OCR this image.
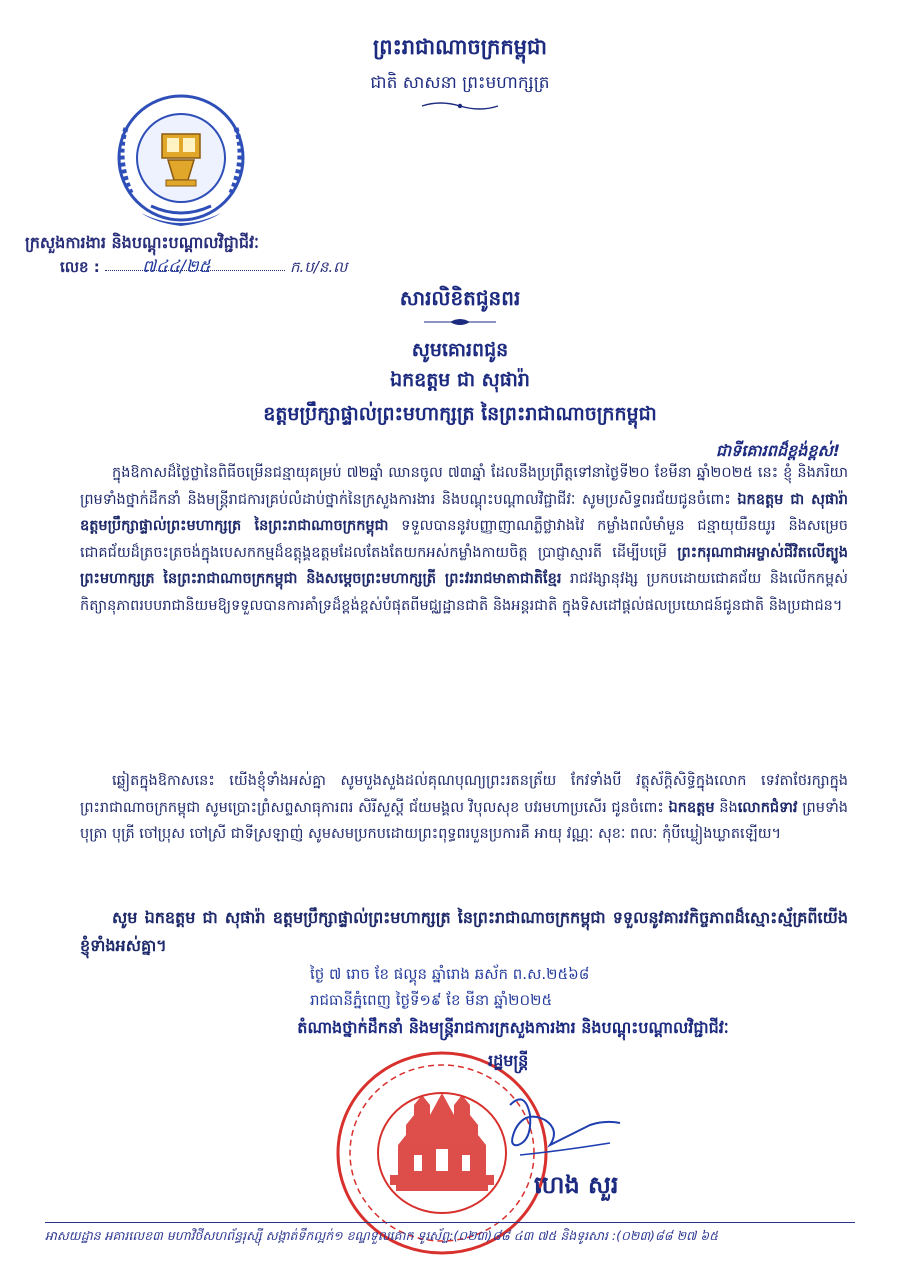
ព្រះរាជាណាចក្រកម្ពុជា
ជាតិ សាសនា ព្រះមហាក្សត្រ
ក្រសួងការងារ និងបណ្តុះបណ្តាលវិជ្ជាជីវៈ
លេខ : ៧៤៤/២៥	ក.ប/ន.ល
សារលិខិតជូនពរ
សូមគោរពជូន
ឯកឧត្តម ជា សុផារ៉ា
ឧត្តមប្រឹក្សាផ្ទាល់ព្រះមហាក្សត្រ នៃព្រះរាជាណាចក្រកម្ពុជា
ជាទីគោរពដ៏ខ្ពង់ខ្ពស់!
ក្នុងឱកាសដ៏ថ្លៃថ្លានៃពិធីចម្រើនជន្មាយុគម្រប់ ៧២ឆ្នាំ ឈានចូល ៧៣ឆ្នាំ ដែលនឹងប្រព្រឹត្តទៅនាថ្ងៃទី២០ ខែមីនា ឆ្នាំ២០២៥ នេះ ខ្ញុំ និងភរិយា ព្រមទាំងថ្នាក់ដឹកនាំ និងមន្ត្រីរាជការគ្រប់លំដាប់ថ្នាក់នៃក្រសួងការងារ និងបណ្តុះបណ្តាលវិជ្ជាជីវៈ សូមប្រសិទ្ធពរជ័យជូនចំពោះ ឯកឧត្តម ជា សុផារ៉ា ឧត្តមប្រឹក្សាផ្ទាល់ព្រះមហាក្សត្រ នៃព្រះរាជាណាចក្រកម្ពុជា ទទួលបាននូវបញ្ញាញាណភ្លឺថ្លាវាងវៃ កម្លាំងពលំមាំមួន ជន្មាយុយឺនយូរ និងសម្រេចជោគជ័យដ៏ត្រចះត្រចង់ក្នុងបេសកកម្មដ៏ឧត្តុង្គឧត្តមដែលតែងតែយកអស់កម្លាំងកាយចិត្ត ប្រាជ្ញាស្មារតី ដើម្បីបម្រើ ព្រះករុណាជាអម្ចាស់ជីវិតលើត្បូង ព្រះមហាក្សត្រ នៃព្រះរាជាណាចក្រកម្ពុជា និងសម្តេចព្រះមហាក្សត្រី ព្រះវររាជមាតាជាតិខ្មែរ រាជវង្សានុវង្ស ប្រកបដោយជោគជ័យ និងលើកកម្ពស់កិត្យានុភាពរបបរាជានិយមឱ្យទទួលបានការគាំទ្រដ៏ខ្ពង់ខ្ពស់បំផុតពីមជ្ឈដ្ឋានជាតិ និងអន្តរជាតិ ក្នុងទិសដៅផ្តល់ផលប្រយោជន៍ជូនជាតិ និងប្រជាជន។
ឆ្លៀតក្នុងឱកាសនេះ យើងខ្ញុំទាំងអស់គ្នា សូមបួងសួងដល់គុណបុណ្យព្រះរតនត្រ័យ កែវទាំងបី វត្ថុស័ក្តិសិទ្ធិក្នុងលោក ទេវតាថែរក្សាក្នុងព្រះរាជាណាចក្រកម្ពុជា សូមប្រោះព្រំសព្ទសាធុការពរ សិរីសួស្តី ជ័យមង្គល វិបុលសុខ បវរមហាប្រសើរ ជូនចំពោះ ឯកឧត្តម និងលោកជំទាវ ព្រមទាំងបុត្រា បុត្រី ចៅប្រុស ចៅស្រី ជាទីស្រឡាញ់ សូមសមប្រកបដោយព្រះពុទ្ធពរបួនប្រការគឺ អាយុ វណ្ណៈ សុខៈ ពលៈ កុំបីឃ្លៀងឃ្លាតឡើយ។
សូម ឯកឧត្តម ជា សុផារ៉ា ឧត្តមប្រឹក្សាផ្ទាល់ព្រះមហាក្សត្រ នៃព្រះរាជាណាចក្រកម្ពុជា ទទួលនូវគារវកិច្ចភាពដ៏ស្មោះស្ម័គ្រពីយើងខ្ញុំទាំងអស់គ្នា។
ថ្ងៃ ៧ រោច ខែ ផល្គុន ឆ្នាំរោង ឆស័ក ព.ស.២៥៦៨
រាជធានីភ្នំពេញ ថ្ងៃទី១៩ ខែ មីនា ឆ្នាំ២០២៥
តំណាងថ្នាក់ដឹកនាំ និងមន្ត្រីរាជការក្រសួងការងារ និងបណ្តុះបណ្តាលវិជ្ជាជីវៈ
រដ្ឋមន្ត្រី
ហេង សួរ
អាសយដ្ឋាន អគារលេខ៣ មហាវិថីសហព័ន្ធរុស្ស៊ី សង្កាត់ទឹកល្អក់១ ខណ្ឌទួលគោក ទូរស័ព្ទ:(០២៣)៨៨ ៤៣ ៧៥ និងទូរសារ :(០២៣)៨៨ ២៧ ៦៥
